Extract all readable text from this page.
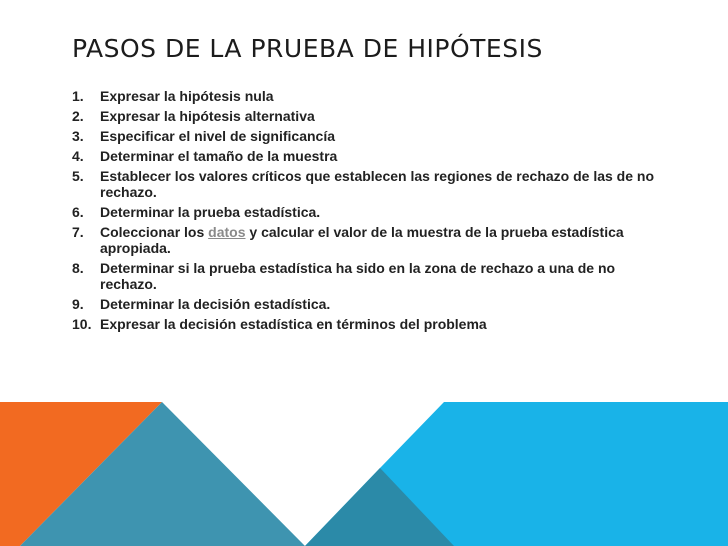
PASOS DE LA PRUEBA DE HIPÓTESIS
1. Expresar la hipótesis nula
2. Expresar la hipótesis alternativa
3. Especificar el nivel de significancía
4. Determinar el tamaño de la muestra
5. Establecer los valores críticos que establecen las regiones de rechazo de las de no rechazo.
6. Determinar la prueba estadística.
7. Coleccionar los datos y calcular el valor de la muestra de la prueba estadística apropiada.
8. Determinar si la prueba estadística ha sido en la zona de rechazo a una de no rechazo.
9. Determinar la decisión estadística.
10. Expresar la decisión estadística en términos del problema
